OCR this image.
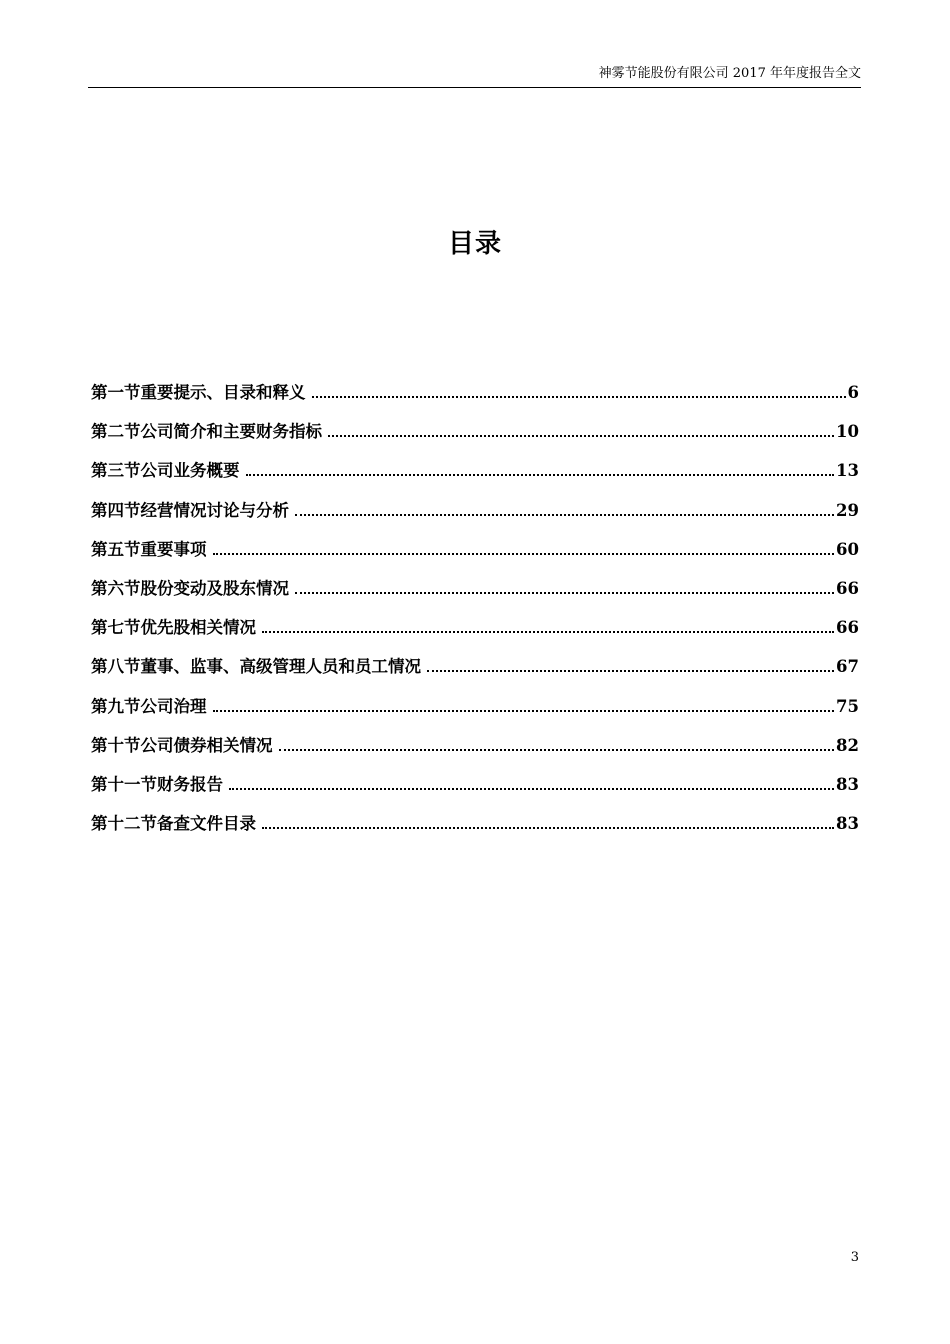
神雾节能股份有限公司 2017 年年度报告全文
目录
第一节重要提示、目录和释义	6
第二节公司简介和主要财务指标	10
第三节公司业务概要	13
第四节经营情况讨论与分析	29
第五节重要事项	60
第六节股份变动及股东情况	66
第七节优先股相关情况	66
第八节董事、监事、高级管理人员和员工情况	67
第九节公司治理	75
第十节公司债券相关情况	82
第十一节财务报告	83
第十二节备查文件目录	83
3
